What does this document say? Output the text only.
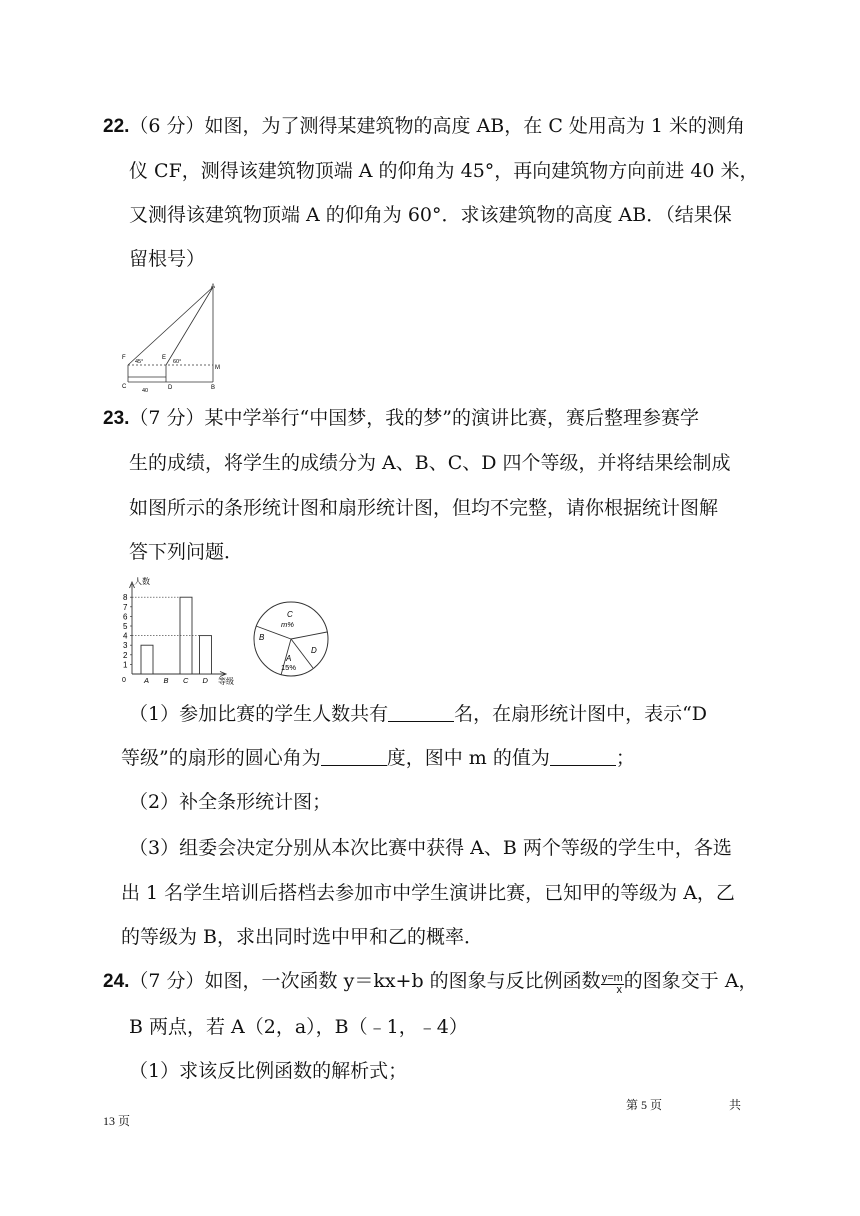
22.（6 分）如图，为了测得某建筑物的高度 AB，在 C 处用高为 1 米的测角
仪 CF，测得该建筑物顶端 A 的仰角为 45°，再向建筑物方向前进 40 米，
又测得该建筑物顶端 A 的仰角为 60°．求该建筑物的高度 AB．（结果保
留根号）
A
F
45°
E
60°
M
C
40	D	B
23.（7 分）某中学举行“中国梦，我的梦”的演讲比赛，赛后整理参赛学
生的成绩，将学生的成绩分为 A、B、C、D 四个等级，并将结果绘制成
如图所示的条形统计图和扇形统计图，但均不完整，请你根据统计图解
答下列问题．
人数
等级
0
1
2
3
4
5
6
7
8
A B C D
C
m%
B
D
A
15%
（1）参加比赛的学生人数共有	名，在扇形统计图中，表示“D
等级”的扇形的圆心角为	度，图中 m 的值为	；
（2）补全条形统计图；
（3）组委会决定分别从本次比赛中获得 A、B 两个等级的学生中，各选
出 1 名学生培训后搭档去参加市中学生演讲比赛，已知甲的等级为 A，乙
的等级为 B，求出同时选中甲和乙的概率．
24.（7 分）如图，一次函数 y＝kx+b 的图象与反比例函数 $\frac{y=m}{x}$ 的图象交于 A，
B 两点，若 A（2，a），B（﹣1，﹣4）
（1）求该反比例函数的解析式；
第 5 页	共
13 页
